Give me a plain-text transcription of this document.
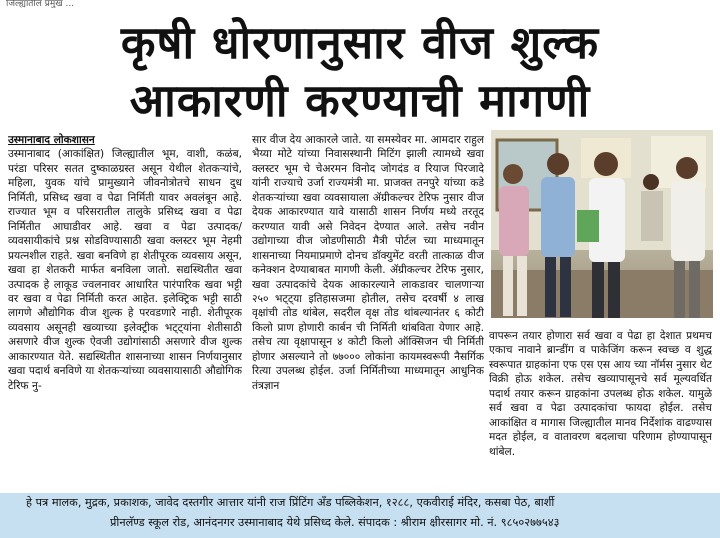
जिल्ह्यातील प्रमुख ...
कृषी धोरणानुसार वीज शुल्क
आकारणी करण्याची मागणी
उस्मानाबाद लोकशासन
उस्मानाबाद (आकांक्षित) जिल्ह्यातील भूम, वाशी, कळंब, परंडा परिसर सतत दुष्काळग्रस्त असून येथील शेतकऱ्यांचे, महिला, युवक यांचे प्रामुख्याने जीवनोत्रोतचे साधन दुध निर्मिती, प्रसिध्द खवा व पेढा निर्मिती यावर अवलंबून आहे. राज्यात भूम व परिसरातील तालुके प्रसिध्द खवा व पेढा निर्मितीत आघाडीवर आहे. खवा व पेढा उत्पादक/व्यवसायीकांचे प्रश्न सोडविण्यासाठी खवा क्लस्टर भूम नेहमी प्रयत्नशील राहते. खवा बनविणे हा शेतीपूरक व्यवसाय असून, खवा हा शेतकरी मार्फत बनविला जातो. सद्यस्थितीत खवा उत्पादक हे लाकूड ज्वलनावर आधारित पारंपारिक खवा भट्टी वर खवा व पेढा निर्मिती करत आहेत. इलेक्ट्रिक भट्टी साठी लागणे औद्योगिक वीज शुल्क हे परवडणारे नाही. शेतीपूरक व्यवसाय असूनही खव्याच्या इलेक्ट्रीक भट्ट्यांना शेतीसाठी असणारे वीज शुल्क ऐवजी उद्योगांसाठी असणारे वीज शुल्क आकारण्यात येते. सद्यस्थितीत शासनाच्या शासन निर्णयानुसार खवा पदार्थ बनविणे या शेतकऱ्यांच्या व्यवसायासाठी औद्योगिक टेरिफ नु-
सार वीज देय आकारले जाते. या समस्येवर मा. आमदार राहुल भैय्या मोटे यांच्या निवासस्थानी मिटिंग झाली त्यामध्ये खवा क्लस्टर भूम चे चेअरमन विनोद जोगदंड व रियाज पिरजादे यांनी राज्याचे उर्जा राज्यमंत्री मा. प्राजक्त तनपुरे यांच्या कडे शेतकऱ्यांच्या खवा व्यवसायाला ॲग्रीकल्चर टेरिफ नुसार वीज देयक आकारण्यात यावे यासाठी शासन निर्णय मध्ये तरतूद करण्यात यावी असे निवेदन देण्यात आले. तसेच नवीन उद्योगाच्या वीज जोडणीसाठी मैत्री पोर्टल च्या माध्यमातून शासनाच्या नियमाप्रमाणे दोनच डॉक्युमेंट वरती तात्काळ वीज कनेक्शन देण्याबाबत मागणी केली. ॲग्रीकल्चर टेरिफ नुसार, खवा उत्पादकांचे देयक आकारल्याने लाकडावर चालणाऱ्या २५० भट्ट्या इतिहासजमा होतील, तसेच दरवर्षी ४ लाख वृक्षांची तोड थांबेल, सदरील वृक्ष तोड थांबल्यानंतर ६ कोटी किलो प्राण होणारी कार्बन ची निर्मिती थांबविता येणार आहे. तसेच त्या वृक्षापासून ४ कोटी किलो ऑक्सिजन ची निर्मिती होणार असल्याने तो ७७००० लोकांना कायमस्वरूपी नैसर्गिक रित्या उपलब्ध होईल. उर्जा निर्मितीच्या माध्यमातून आधुनिक तंत्रज्ञान
वापरून तयार होणारा सर्व खवा व पेढा हा देशात प्रथमच एकाच नावाने ब्रान्डींग व पाकेजिंग करून स्वच्छ व शुद्ध स्वरूपात ग्राहकांना एफ एस एस आय च्या नॉर्मस नुसार थेट विक्री होऊ शकेल. तसेच खव्यापासूनचे सर्व मूल्यवर्धित पदार्थ तयार करून ग्राहकांना उपलब्ध होऊ शकेल. यामुळे सर्व खवा व पेढा उत्पादकांचा फायदा होईल. तसेच आकांक्षित व मागास जिल्ह्यातील मानव निर्देशांक वाढण्यास मदत होईल, व वातावरण बदलाचा परिणाम होण्यापासून थांबेल.
हे पत्र मालक, मुद्रक, प्रकाशक, जावेद दस्तगीर आत्तार यांनी राज प्रिंटिंग अँड पब्लिकेशन, १२८८, एकवीराई मंदिर, कसबा पेठ, बार्शी
प्रीनलॅण्ड स्कूल रोड, आनंदनगर उस्मानाबाद येथे प्रसिध्द केले. संपादक : श्रीराम क्षीरसागर मो. नं. ९८५०२७७५४३
